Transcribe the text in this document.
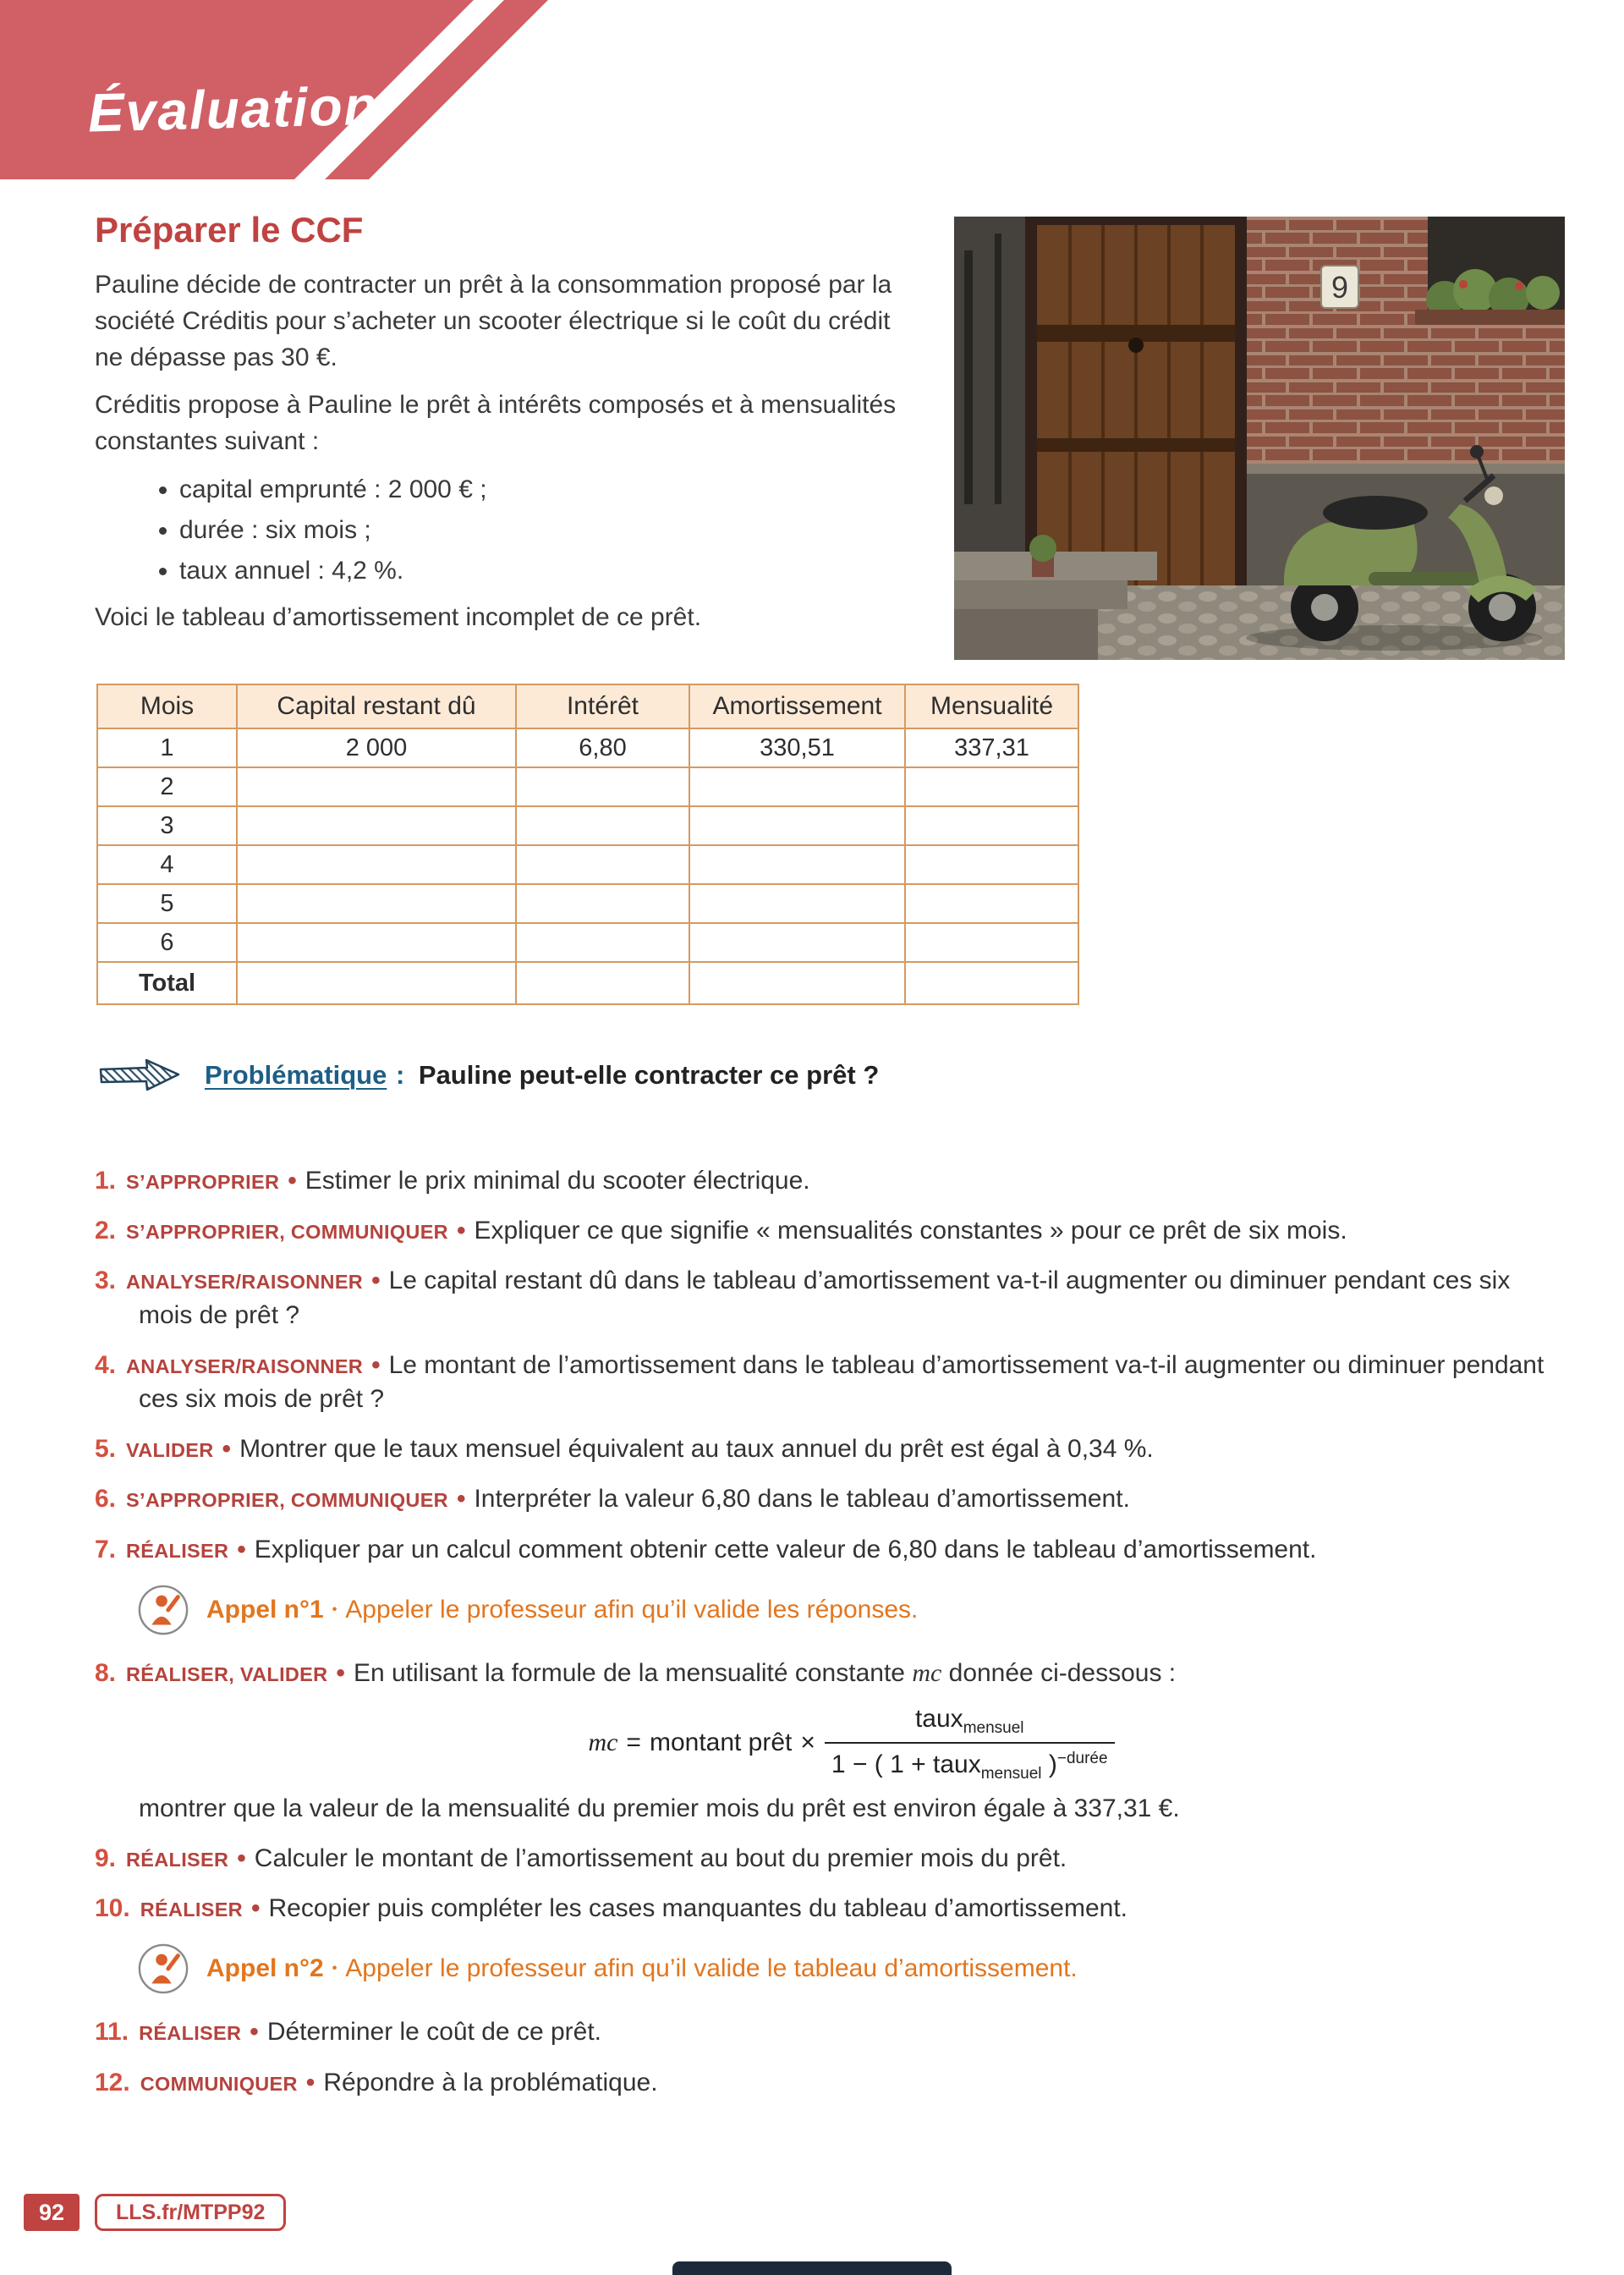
Évaluation
Préparer le CCF

Pauline décide de contracter un prêt à la consommation proposé par la société Créditis pour s’acheter un scooter électrique si le coût du crédit ne dépasse pas 30 €.

Créditis propose à Pauline le prêt à intérêts composés et à mensualités constantes suivant :

• capital emprunté : 2 000 € ;
• durée : six mois ;
• taux annuel : 4,2 %.

Voici le tableau d’amortissement incomplet de ce prêt.

9
Mois	Capital restant dû	Intérêt	Amortissement	Mensualité
1	2 000	6,80	330,51	337,31
2				
3				
4				
5				
6				
Total				
Problématique : Pauline peut-elle contracter ce prêt ?
1. S’APPROPRIER • Estimer le prix minimal du scooter électrique.
2. S’APPROPRIER, COMMUNIQUER • Expliquer ce que signifie « mensualités constantes » pour ce prêt de six mois.
3. ANALYSER/RAISONNER • Le capital restant dû dans le tableau d’amortissement va-t-il augmenter ou diminuer pendant ces six mois de prêt ?
4. ANALYSER/RAISONNER • Le montant de l’amortissement dans le tableau d’amortissement va-t-il augmenter ou diminuer pendant ces six mois de prêt ?
5. VALIDER • Montrer que le taux mensuel équivalent au taux annuel du prêt est égal à 0,34 %.
6. S’APPROPRIER, COMMUNIQUER • Interpréter la valeur 6,80 dans le tableau d’amortissement.
7. RÉALISER • Expliquer par un calcul comment obtenir cette valeur de 6,80 dans le tableau d’amortissement.
Appel n°1 • Appeler le professeur afin qu’il valide les réponses.
8. RÉALISER, VALIDER • En utilisant la formule de la mensualité constante mc donnée ci-dessous :
mc = montant prêt × $\frac{taux_{mensuel}}{1 - ( 1 + taux_{mensuel} )^{-durée}}$
montrer que la valeur de la mensualité du premier mois du prêt est environ égale à 337,31 €.
9. RÉALISER • Calculer le montant de l’amortissement au bout du premier mois du prêt.
10. RÉALISER • Recopier puis compléter les cases manquantes du tableau d’amortissement.
Appel n°2 • Appeler le professeur afin qu’il valide le tableau d’amortissement.
11. RÉALISER • Déterminer le coût de ce prêt.
12. COMMUNIQUER • Répondre à la problématique.
92	LLS.fr/MTPP92
